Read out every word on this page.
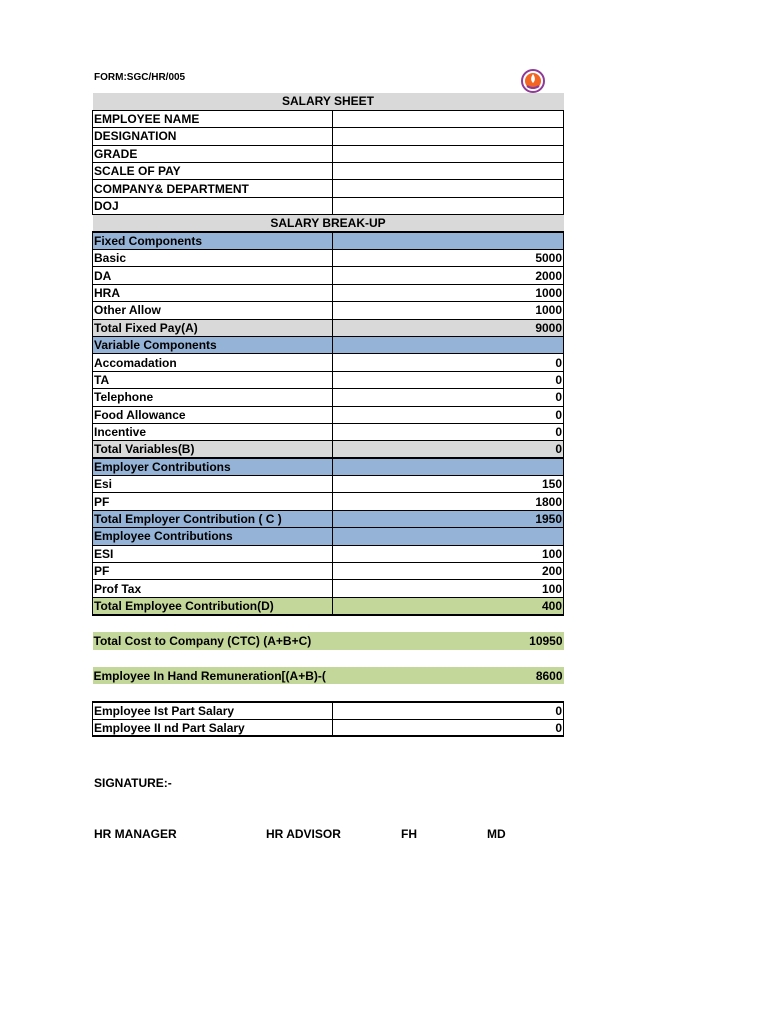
FORM:SGC/HR/005
SALARY SHEET	
EMPLOYEE NAME	
DESIGNATION	
GRADE	
SCALE OF PAY	
COMPANY& DEPARTMENT	
DOJ	
SALARY BREAK-UP	
Fixed Components	
Basic	5000
DA	2000
HRA	1000
Other Allow	1000
Total Fixed Pay(A)	9000
Variable Components	
Accomadation	0
TA	0
Telephone	0
Food Allowance	0
Incentive	0
Total Variables(B)	0
Employer Contributions	
Esi	150
PF	1800
Total Employer Contribution ( C )	1950
Employee Contributions	
ESI	100
PF	200
Prof Tax	100
Total Employee Contribution(D)	400

Total Cost to Company (CTC) (A+B+C)	10950

Employee In Hand Remuneration[(A+B)-(	8600

Employee Ist Part Salary	0
Employee II nd Part Salary	0
SIGNATURE:-
HR MANAGER	HR ADVISOR	FH	MD
